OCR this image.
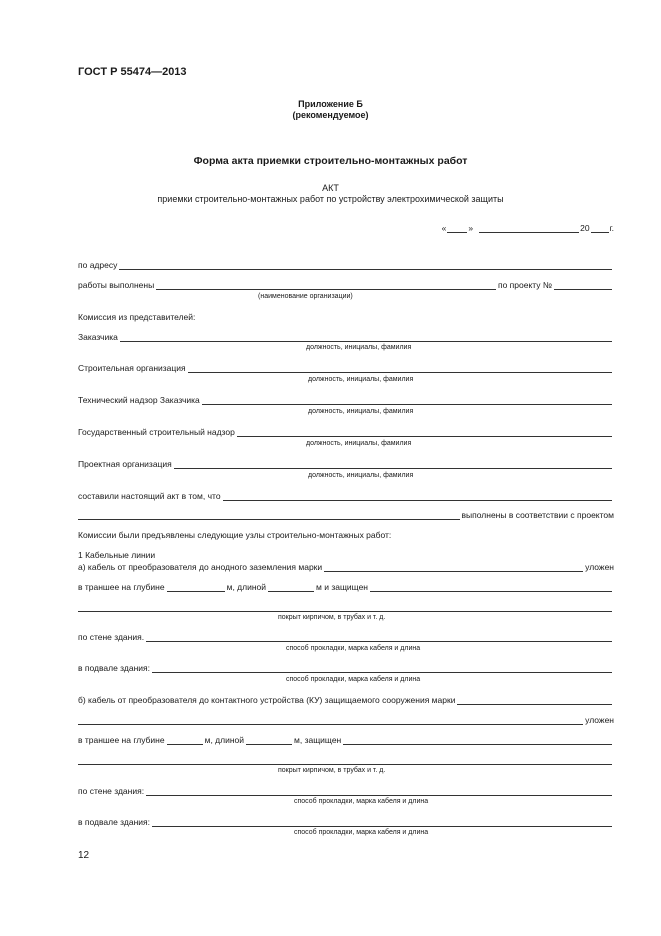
ГОСТ Р 55474—2013
Приложение Б
(рекомендуемое)
Форма акта приемки строительно-монтажных работ
АКТ
приемки строительно-монтажных работ по устройству электрохимической защиты
«	»	20 г.
по адресу
работы выполнены	по проекту №
(наименование организации)
Комиссия из представителей:
Заказчика
должность, инициалы, фамилия
Строительная организация
должность, инициалы, фамилия
Технический надзор Заказчика
должность, инициалы, фамилия
Государственный строительный надзор
должность, инициалы, фамилия
Проектная организация
должность, инициалы, фамилия
составили настоящий акт в том, что
выполнены в соответствии с проектом
Комиссии были предъявлены следующие узлы строительно-монтажных работ:
1 Кабельные линии
а) кабель от преобразователя до анодного заземления марки	уложен
в траншее на глубине	м, длиной	м и защищен
покрыт кирпичом, в трубах и т. д.
по стене здания.
способ прокладки, марка кабеля и длина
в подвале здания:
способ прокладки, марка кабеля и длина
б) кабель от преобразователя до контактного устройства (КУ) защищаемого сооружения марки
уложен
в траншее на глубине	м, длиной	м, защищен
покрыт кирпичом, в трубах и т. д.
по стене здания:
способ прокладки, марка кабеля и длина
в подвале здания:
способ прокладки, марка кабеля и длина
12
